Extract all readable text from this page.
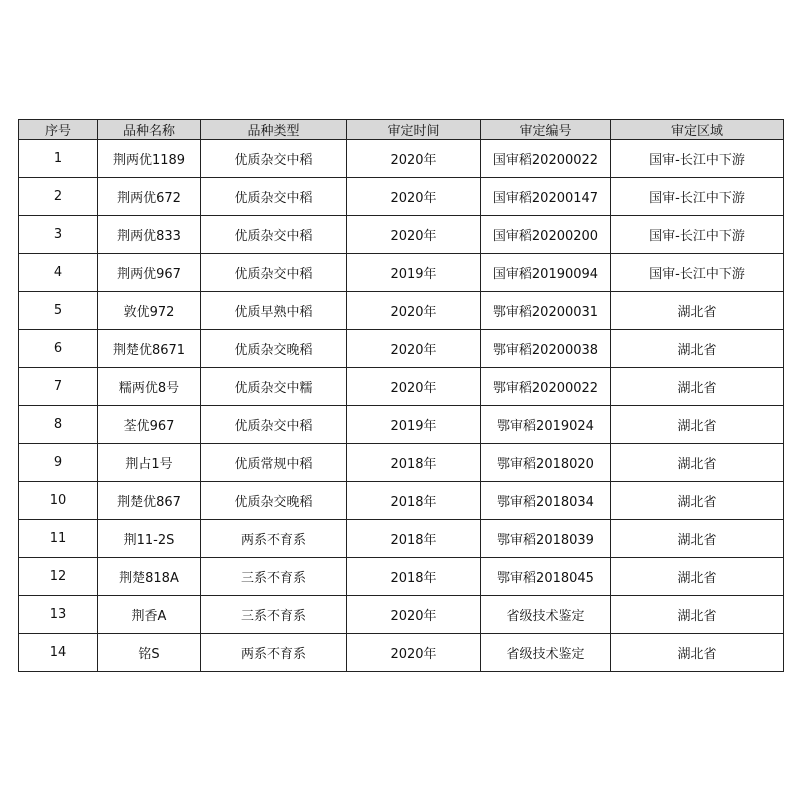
序号	品种名称	品种类型	审定时间	审定编号	审定区域
1	荆两优1189	优质杂交中稻	2020年	国审稻20200022	国审-长江中下游
2	荆两优672	优质杂交中稻	2020年	国审稻20200147	国审-长江中下游
3	荆两优833	优质杂交中稻	2020年	国审稻20200200	国审-长江中下游
4	荆两优967	优质杂交中稻	2019年	国审稻20190094	国审-长江中下游
5	敦优972	优质早熟中稻	2020年	鄂审稻20200031	湖北省
6	荆楚优8671	优质杂交晚稻	2020年	鄂审稻20200038	湖北省
7	糯两优8号	优质杂交中糯	2020年	鄂审稻20200022	湖北省
8	荃优967	优质杂交中稻	2019年	鄂审稻2019024	湖北省
9	荆占1号	优质常规中稻	2018年	鄂审稻2018020	湖北省
10	荆楚优867	优质杂交晚稻	2018年	鄂审稻2018034	湖北省
11	荆11-2S	两系不育系	2018年	鄂审稻2018039	湖北省
12	荆楚818A	三系不育系	2018年	鄂审稻2018045	湖北省
13	荆香A	三系不育系	2020年	省级技术鉴定	湖北省
14	铭S	两系不育系	2020年	省级技术鉴定	湖北省
